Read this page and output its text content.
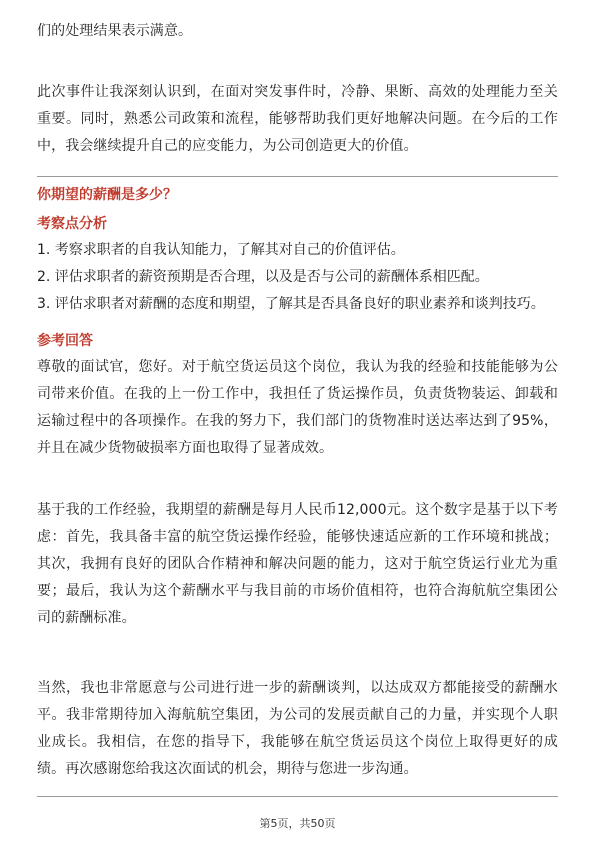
们的处理结果表示满意。

此次事件让我深刻认识到，在面对突发事件时，冷静、果断、高效的处理能力至关重要。同时，熟悉公司政策和流程，能够帮助我们更好地解决问题。在今后的工作中，我会继续提升自己的应变能力，为公司创造更大的价值。

你期望的薪酬是多少？

考察点分析

1. 考察求职者的自我认知能力，了解其对自己的价值评估。
2. 评估求职者的薪资预期是否合理，以及是否与公司的薪酬体系相匹配。
3. 评估求职者对薪酬的态度和期望，了解其是否具备良好的职业素养和谈判技巧。

参考回答

尊敬的面试官，您好。对于航空货运员这个岗位，我认为我的经验和技能能够为公司带来价值。在我的上一份工作中，我担任了货运操作员，负责货物装运、卸载和运输过程中的各项操作。在我的努力下，我们部门的货物准时送达率达到了95%，并且在减少货物破损率方面也取得了显著成效。

基于我的工作经验，我期望的薪酬是每月人民币12,000元。这个数字是基于以下考虑：首先，我具备丰富的航空货运操作经验，能够快速适应新的工作环境和挑战；其次，我拥有良好的团队合作精神和解决问题的能力，这对于航空货运行业尤为重要；最后，我认为这个薪酬水平与我目前的市场价值相符，也符合海航航空集团公司的薪酬标准。

当然，我也非常愿意与公司进行进一步的薪酬谈判，以达成双方都能接受的薪酬水平。我非常期待加入海航航空集团，为公司的发展贡献自己的力量，并实现个人职业成长。我相信，在您的指导下，我能够在航空货运员这个岗位上取得更好的成绩。再次感谢您给我这次面试的机会，期待与您进一步沟通。

第5页，共50页
